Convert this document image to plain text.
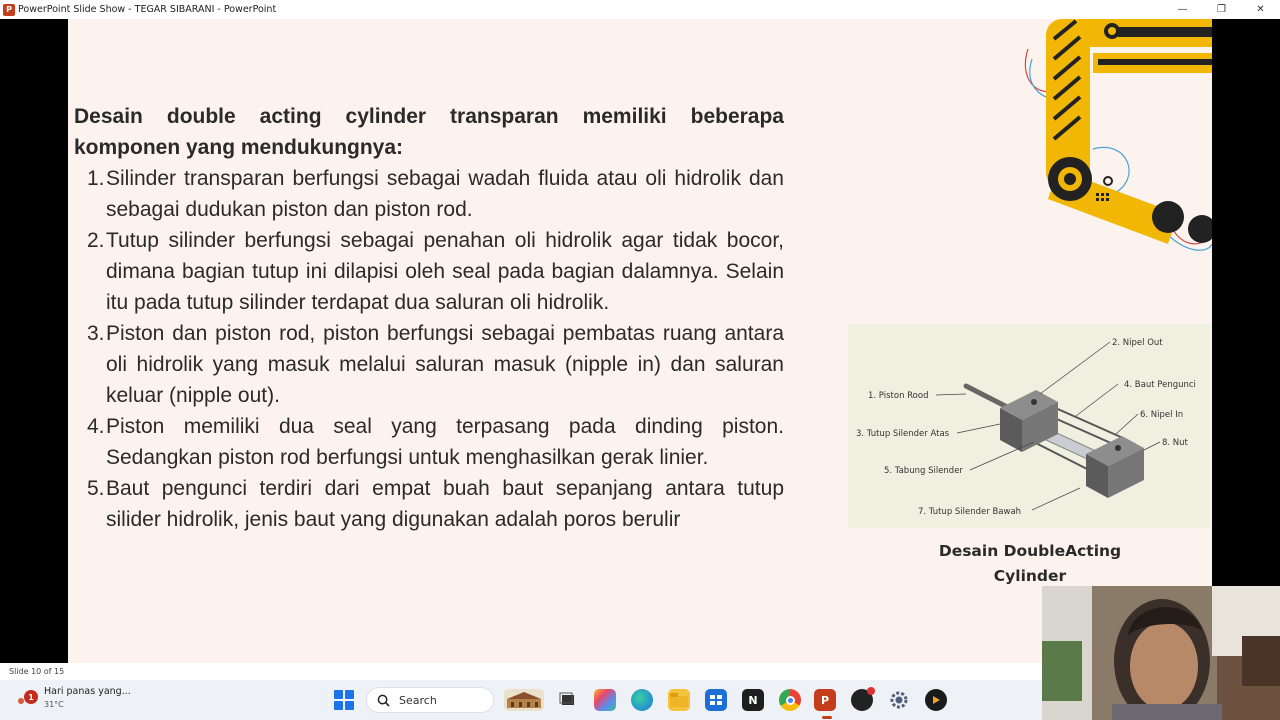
P PowerPoint Slide Show - TEGAR SIBARANI - PowerPoint	—	❐	✕

Desain double acting cylinder transparan memiliki beberapa komponen yang mendukungnya:

1. Silinder transparan berfungsi sebagai wadah fluida atau oli hidrolik dan sebagai dudukan piston dan piston rod.
2. Tutup silinder berfungsi sebagai penahan oli hidrolik agar tidak bocor, dimana bagian tutup ini dilapisi oleh seal pada bagian dalamnya. Selain itu pada tutup silinder terdapat dua saluran oli hidrolik.
3. Piston dan piston rod, piston berfungsi sebagai pembatas ruang antara oli hidrolik yang masuk melalui saluran masuk (nipple in) dan saluran keluar (nipple out).
4. Piston memiliki dua seal yang terpasang pada dinding piston. Sedangkan piston rod berfungsi untuk menghasilkan gerak linier.
5. Baut pengunci terdiri dari empat buah baut sepanjang antara tutup silider hidrolik, jenis baut yang digunakan adalah poros berulir
1. Piston Rood
2. Nipel Out
3. Tutup Silender Atas
4. Baut Pengunci
5. Tabung Silender
6. Nipel In
7. Tutup Silender Bawah
8. Nut
Desain DoubleActing Cylinder
Slide 10 of 15
1	Hari panas yang...
31°C	Search	N	P
